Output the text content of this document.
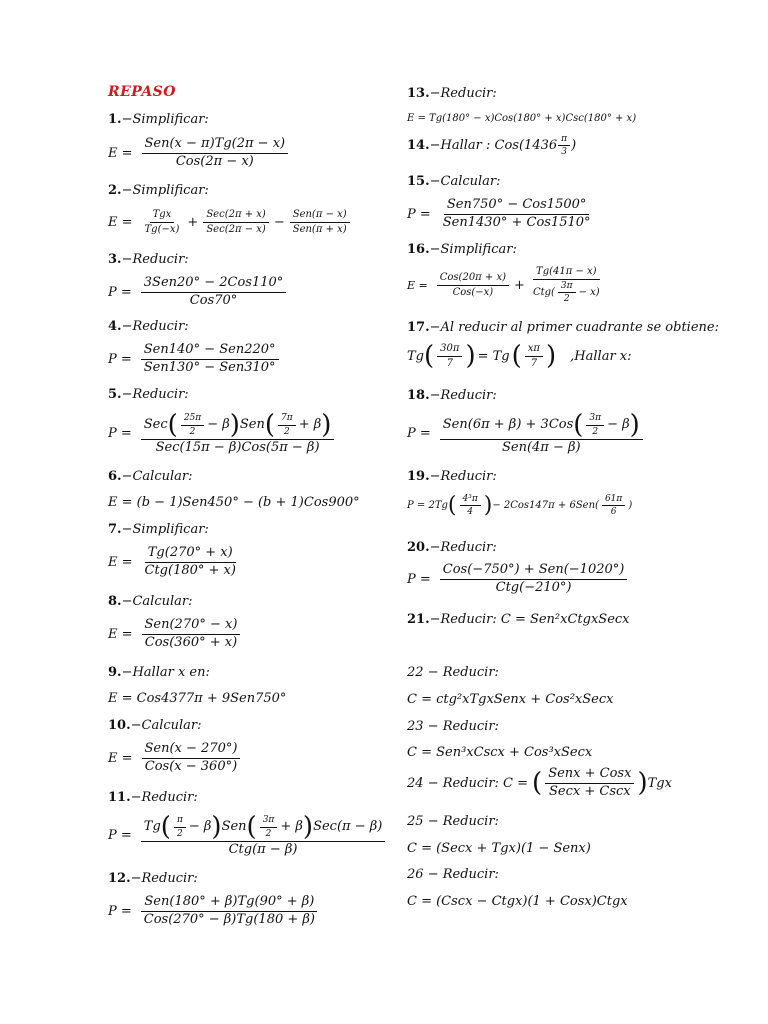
REPASO
1.−Simplificar:
$E = \frac{\text{Sen(x − π)Tg(2π − x)}}{\text{Cos(2π − x)}}$
2.−Simplificar:
$E = \frac{\text{Tgx}}{Tg(-x)} + \frac{\text{Sec(2π + x)}}{\text{Sec(2π − x)}} - \frac{\text{Sen(π − x)}}{\text{Sen(π + x)}}$
3.−Reducir:
$P = \frac{\text{3Sen20° − 2Cos110°}}{\text{Cos70°}}$
4.−Reducir:
$P = \frac{\text{Sen140° − Sen220°}}{\text{Sen130° − Sen310°}}$
5.−Reducir:
P =
Sec ( $\frac{25\pi}{2} - \beta$ ) Sen ( $\frac{7\pi}{2} + \beta$ )
Sec(15π − β)Cos(5π − β)
6.−Calcular:
E = (b − 1)Sen450° − (b + 1)Cos900°
7.−Simplificar:
$E = \frac{Tg(270^\circ + x)}{\text{Ctg(180° + x)}}$
8.−Calcular:
$E = \frac{\text{Sen(270° − x)}}{\text{Cos(360° + x)}}$
9.−Hallar x en:
E = Cos4377π + 9Sen750°
10.−Calcular:
$E = \frac{\text{Sen(x − 270°)}}{\text{Cos(x − 360°)}}$
11.−Reducir:
P =
Tg ( $\frac{\pi}{2} - \beta$ ) Sen ( $\frac{3\pi}{2} + \beta$ ) Sec(π − β)
Ctg(π − β)
12.−Reducir:
$P = \frac{\text{Sen(180° + β)Tg(90° + β)}}{\text{Cos(270° − β)Tg(180 + β)}}$
13.−Reducir:
E = Tg(180° − x)Cos(180° + x)Csc(180° + x)
14.−Hallar : $Cos(1436 \frac{\pi}{3}$ )
15.−Calcular:
$P = \frac{\text{Sen750° − Cos1500°}}{\text{Sen1430° + Cos1510°}}$
16.−Simplificar:
$E = \frac{\text{Cos(20π + x)}}{\text{Cos(−x)}} + \frac{Tg(41\pi - x)}{Ctg( \frac{3\pi}{2} - x)}$
17.−Al reducir al primer cuadrante se obtiene:
Tg ( $\frac{30\pi}{7}$ ) = Tg ( $\frac{x\pi}{7}$ ) ,Hallar x:
18.−Reducir:
$P = \frac{Sen(6\pi + \beta) + 3Cos ( \frac{3\pi}{2} - \beta )}{\text{Sen(4π − β)}}$
19.−Reducir:
P = 2Tg ( $\frac{\text{4³π}}{4}$ ) − $2Cos147\pi + 6Sen( \frac{61\pi}{6}$ )
20.−Reducir:
$P = \frac{\text{Cos(−750°) + Sen(−1020°)}}{\text{Ctg(−210°)}}$
21.−Reducir: C = Sen²xCtgxSecx
22 − Reducir:
C = ctg²xTgxSenx + Cos²xSecx
23 − Reducir:
C = Sen³xCscx + Cos³xSecx
24 − Reducir: C = ( $\frac{\text{Senx + Cosx}}{\text{Secx + Cscx}}$ ) Tgx
25 − Reducir:
C = (Secx + Tgx)(1 − Senx)
26 − Reducir:
C = (Cscx − Ctgx)(1 + Cosx)Ctgx
